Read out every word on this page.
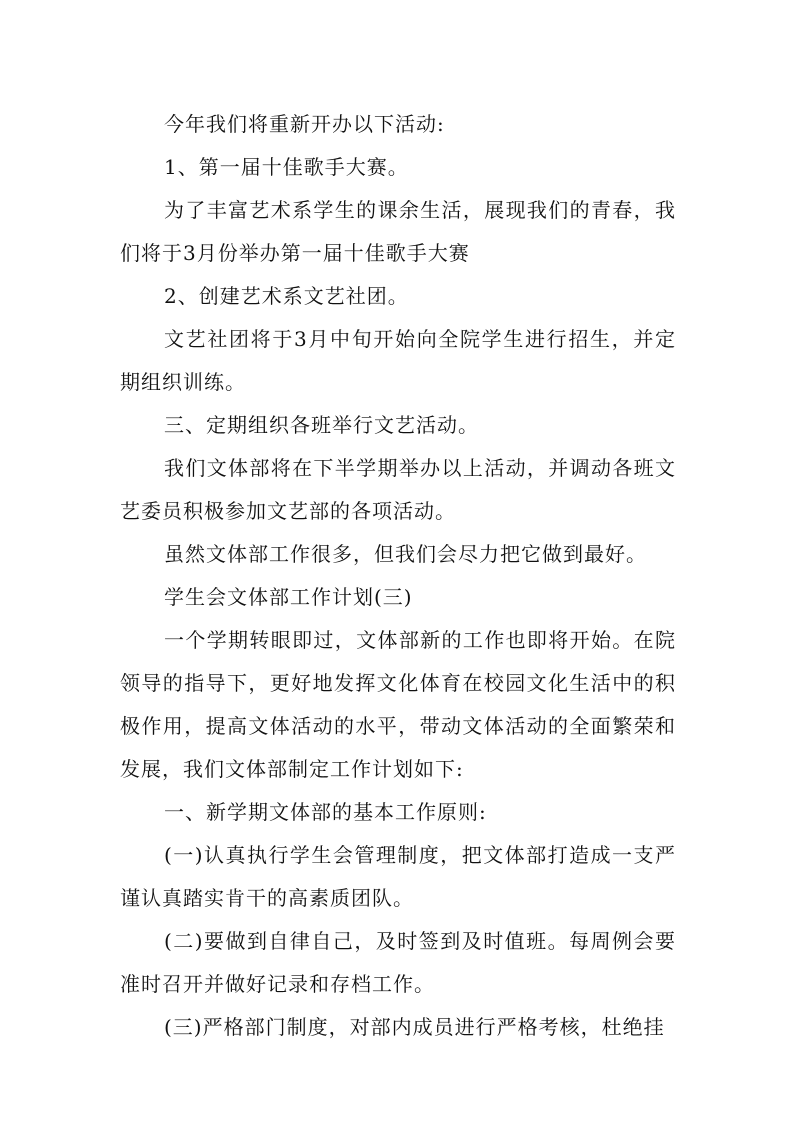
今年我们将重新开办以下活动:

1、第一届十佳歌手大赛。

为了丰富艺术系学生的课余生活，展现我们的青春，我们将于3月份举办第一届十佳歌手大赛

2、创建艺术系文艺社团。

文艺社团将于3月中旬开始向全院学生进行招生，并定期组织训练。

三、定期组织各班举行文艺活动。

我们文体部将在下半学期举办以上活动，并调动各班文艺委员积极参加文艺部的各项活动。

虽然文体部工作很多，但我们会尽力把它做到最好。

学生会文体部工作计划(三)

一个学期转眼即过，文体部新的工作也即将开始。在院领导的指导下，更好地发挥文化体育在校园文化生活中的积极作用，提高文体活动的水平，带动文体活动的全面繁荣和发展，我们文体部制定工作计划如下:

一、新学期文体部的基本工作原则:

(一)认真执行学生会管理制度，把文体部打造成一支严谨认真踏实肯干的高素质团队。

(二)要做到自律自己，及时签到及时值班。每周例会要准时召开并做好记录和存档工作。

(三)严格部门制度，对部内成员进行严格考核，杜绝挂
